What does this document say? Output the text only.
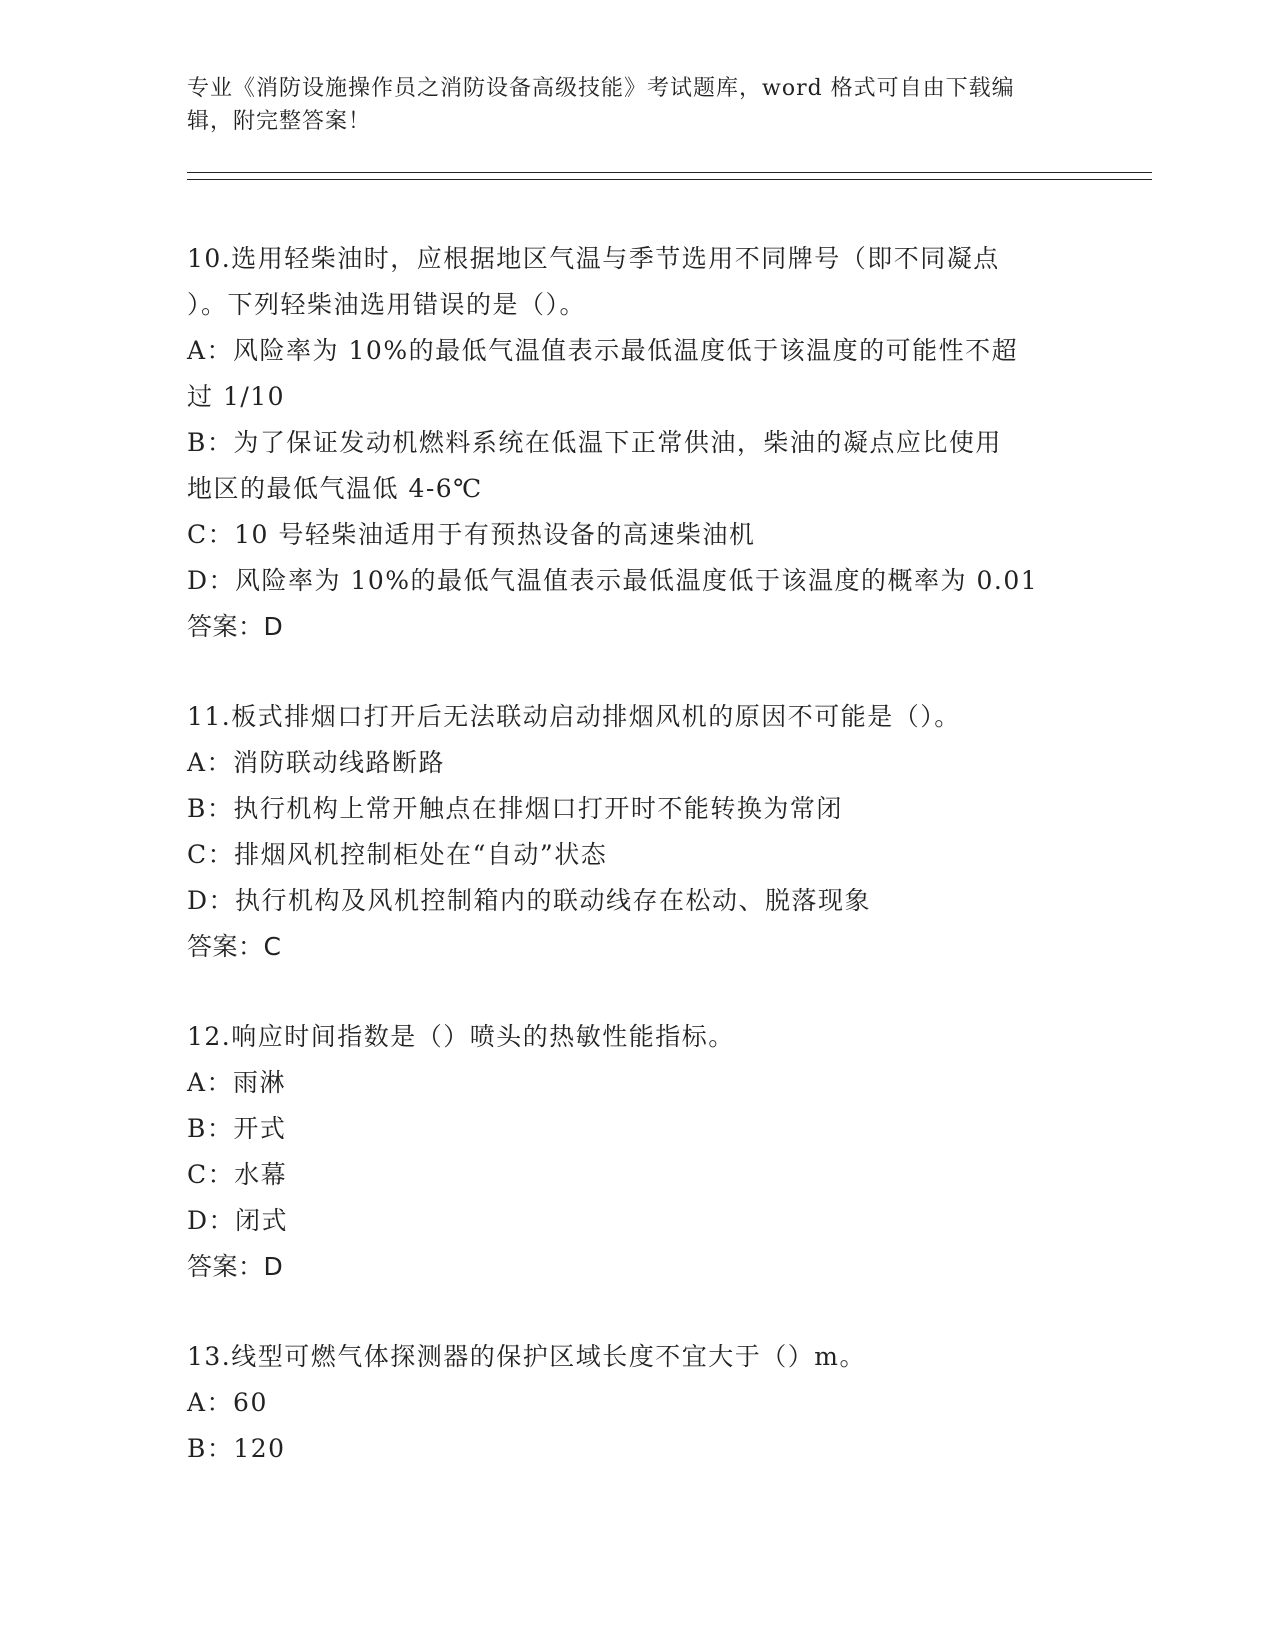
专业《消防设施操作员之消防设备高级技能》考试题库，word 格式可自由下载编
辑，附完整答案！
10.选用轻柴油时，应根据地区气温与季节选用不同牌号（即不同凝点
）。下列轻柴油选用错误的是（）。
A：风险率为 10%的最低气温值表示最低温度低于该温度的可能性不超
过 1/10
B：为了保证发动机燃料系统在低温下正常供油，柴油的凝点应比使用
地区的最低气温低 4-6℃
C：10 号轻柴油适用于有预热设备的高速柴油机
D：风险率为 10%的最低气温值表示最低温度低于该温度的概率为 0.01
答案：D
11.板式排烟口打开后无法联动启动排烟风机的原因不可能是（）。
A：消防联动线路断路
B：执行机构上常开触点在排烟口打开时不能转换为常闭
C：排烟风机控制柜处在“自动”状态
D：执行机构及风机控制箱内的联动线存在松动、脱落现象
答案：C
12.响应时间指数是（）喷头的热敏性能指标。
A：雨淋
B：开式
C：水幕
D：闭式
答案：D
13.线型可燃气体探测器的保护区域长度不宜大于（）m。
A：60
B：120
